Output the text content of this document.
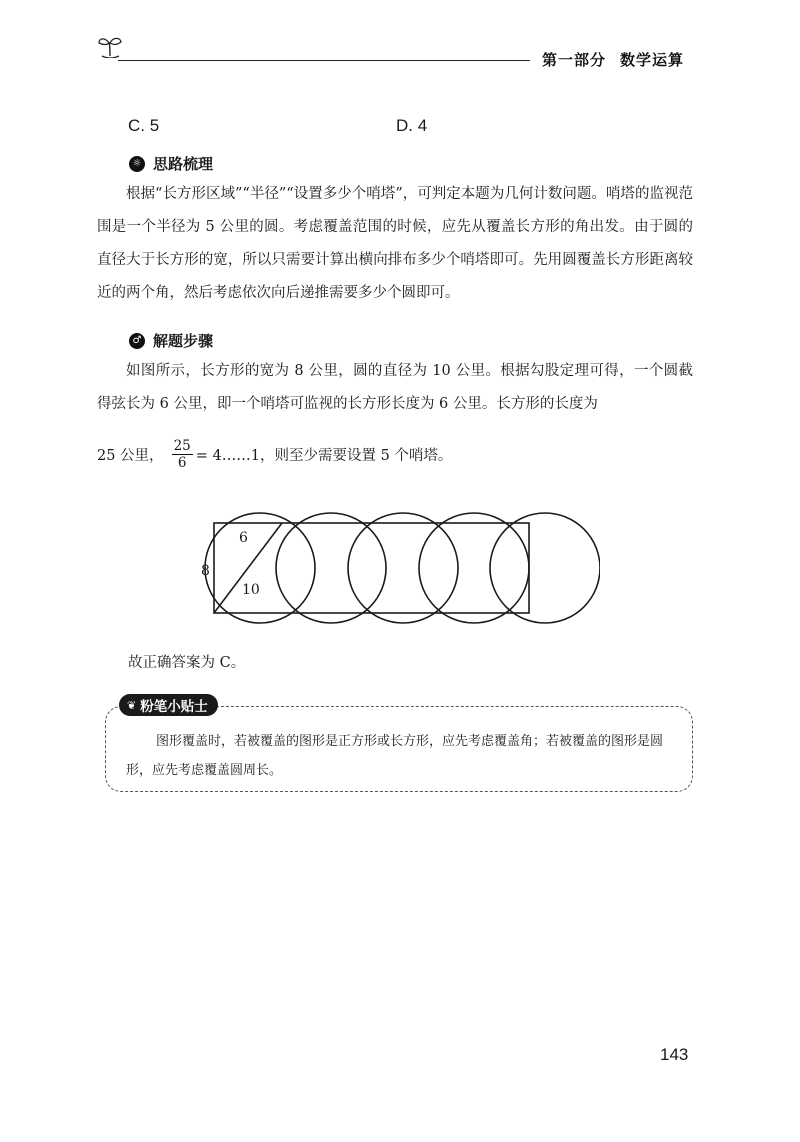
第一部分 数学运算
C. 5	D. 4
☼ 思路梳理

根据“长方形区域”“半径”“设置多少个哨塔”，可判定本题为几何计数问题。哨塔的监视范围是一个半径为 5 公里的圆。考虑覆盖范围的时候，应先从覆盖长方形的角出发。由于圆的直径大于长方形的宽，所以只需要计算出横向排布多少个哨塔即可。先用圆覆盖长方形距离较近的两个角，然后考虑依次向后递推需要多少个圆即可。

♂ 解题步骤

如图所示，长方形的宽为 8 公里，圆的直径为 10 公里。根据勾股定理可得，一个圆截得弦长为 6 公里，即一个哨塔可监视的长方形长度为 6 公里。长方形的长度为

25 公里， $\frac{25}{6}$ = 4……1，则至少需要设置 5 个哨塔。
6
8
10
故正确答案为 C。
❦ 粉笔小贴士

图形覆盖时，若被覆盖的图形是正方形或长方形，应先考虑覆盖角；若被覆盖的图形是圆形，应先考虑覆盖圆周长。

143
